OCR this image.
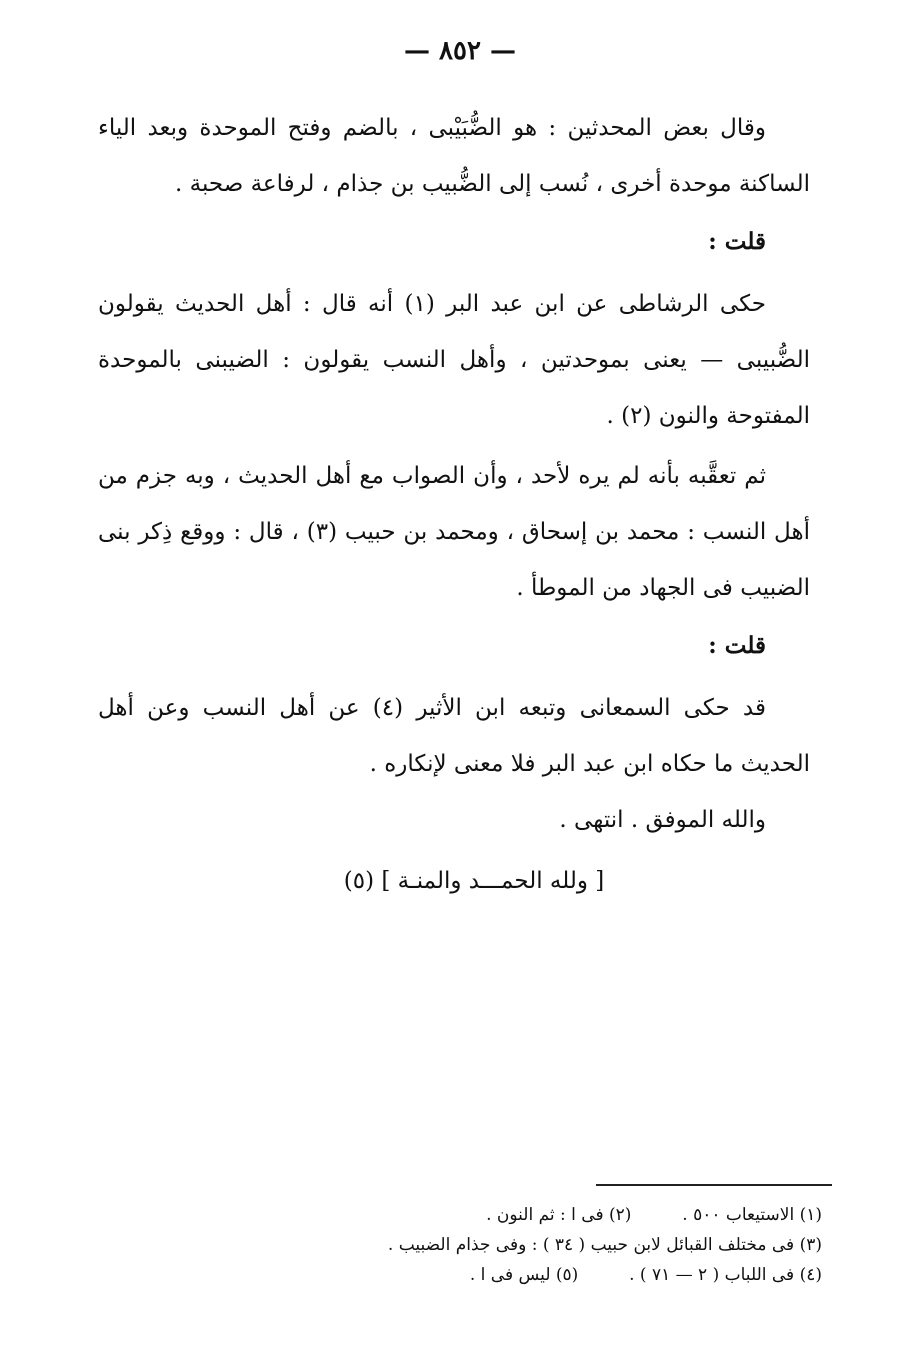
— ٨٥٢ —

وقال بعض المحدثين : هو الضُّبَيْبى ، بالضم وفتح الموحدة وبعد الياء الساكنة موحدة أخرى ، نُسب إلى الضُّبيب بن جذام ، لرفاعة صحبة .

قلت :

حكى الرشاطى عن ابن عبد البر (١) أنه قال : أهل الحديث يقولون الضُّبيبى — يعنى بموحدتين ، وأهل النسب يقولون : الضيبنى بالموحدة المفتوحة والنون (٢) .

ثم تعقَّبه بأنه لم يره لأحد ، وأن الصواب مع أهل الحديث ، وبه جزم من أهل النسب : محمد بن إسحاق ، ومحمد بن حبيب (٣) ، قال : ووقع ذِكر بنى الضبيب فى الجهاد من الموطأ .

قلت :

قد حكى السمعانى وتبعه ابن الأثير (٤) عن أهل النسب وعن أهل الحديث ما حكاه ابن عبد البر فلا معنى لإنكاره .

والله الموفق . انتهى .

[ ولله الحمـــد والمنـة ] (٥)
(١) الاستيعاب ٥٠٠ .  (٢) فى ا : ثم النون .
(٣) فى مختلف القبائل لابن حبيب ( ٣٤ ) : وفى جذام الضبيب .
(٤) فى اللباب ( ٢ — ٧١ ) .  (٥) ليس فى ا .
